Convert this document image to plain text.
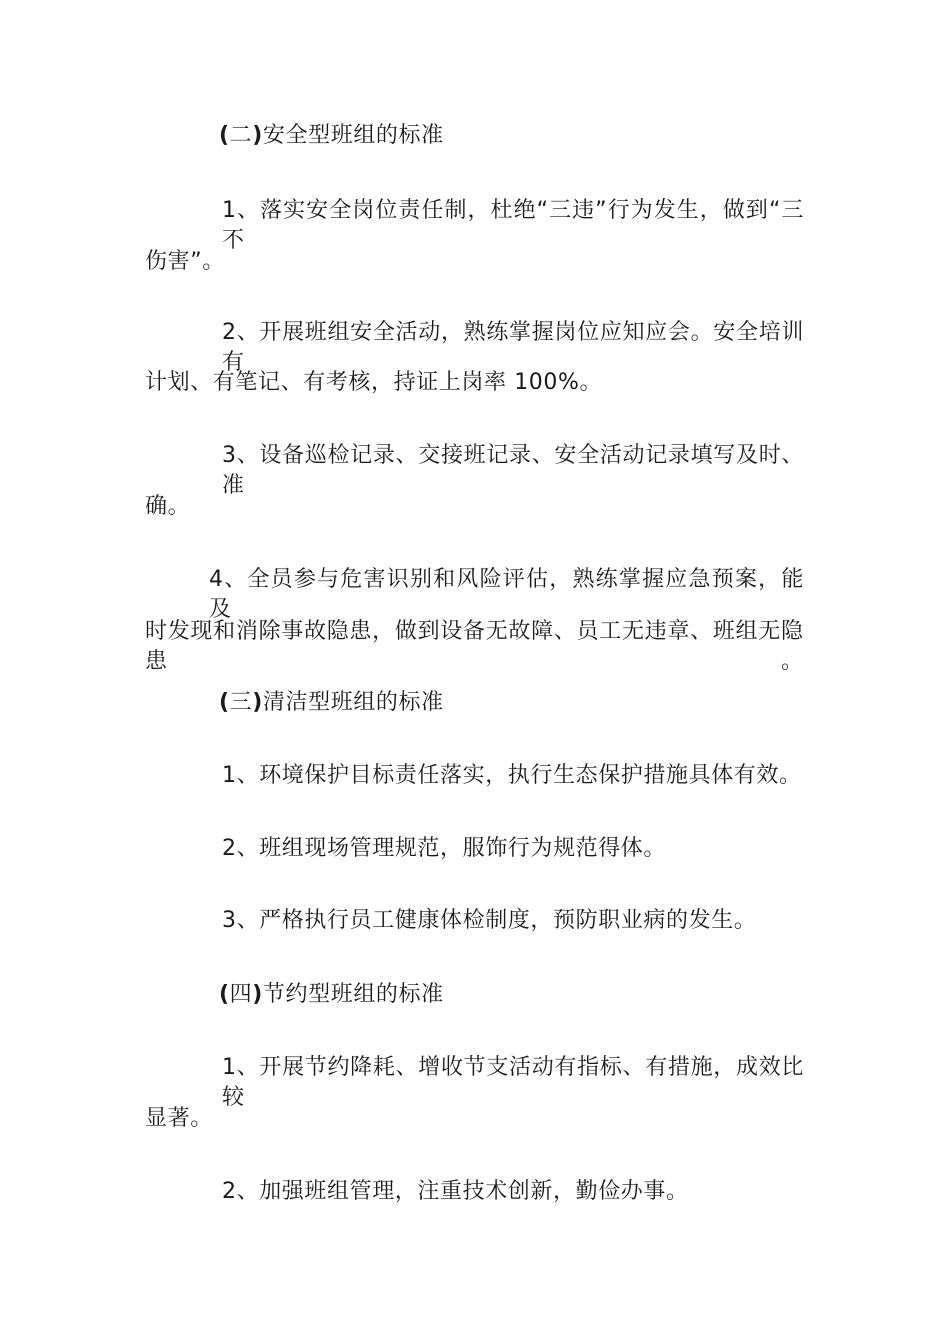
(二)安全型班组的标准
1、落实安全岗位责任制，杜绝“三违”行为发生，做到“三不
伤害”。
2、开展班组安全活动，熟练掌握岗位应知应会。安全培训有
计划、有笔记、有考核，持证上岗率 100%。
3、设备巡检记录、交接班记录、安全活动记录填写及时、准
确。
4、全员参与危害识别和风险评估，熟练掌握应急预案，能及
时发现和消除事故隐患，做到设备无故障、员工无违章、班组无隐患。
(三)清洁型班组的标准
1、环境保护目标责任落实，执行生态保护措施具体有效。
2、班组现场管理规范，服饰行为规范得体。
3、严格执行员工健康体检制度，预防职业病的发生。
(四)节约型班组的标准
1、开展节约降耗、增收节支活动有指标、有措施，成效比较
显著。
2、加强班组管理，注重技术创新，勤俭办事。
